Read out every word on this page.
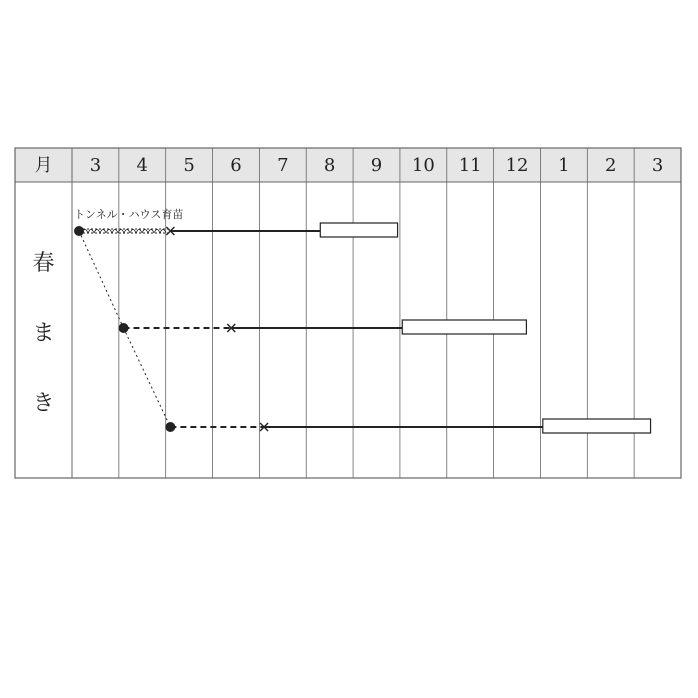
月 3 4 5 6 7 8 9 10 11 12 1 2 3
春
ま
き
トンネル・ハウス育苗
